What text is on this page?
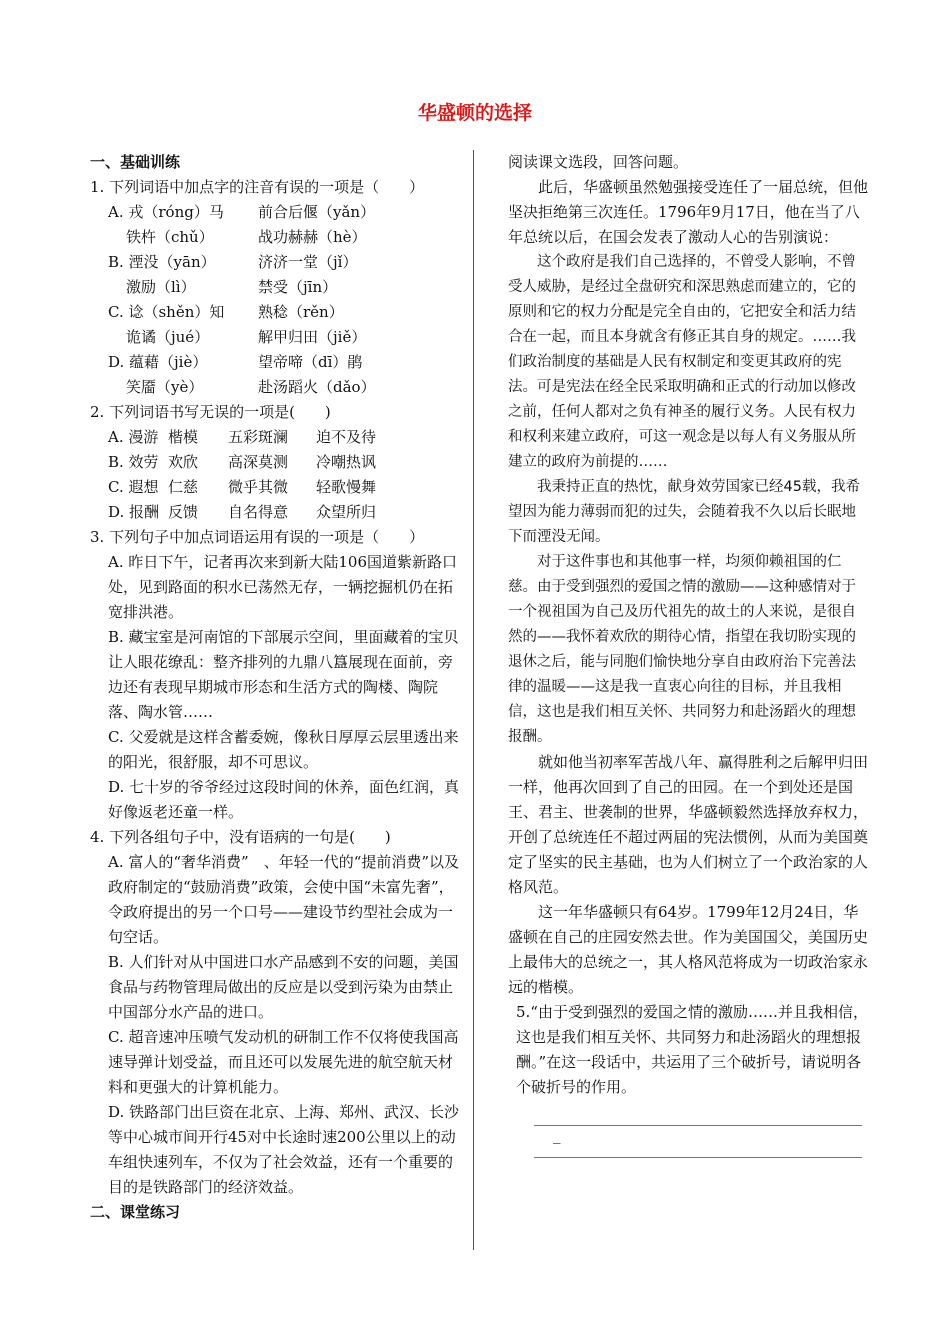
华盛顿的选择
一、基础训练
1. 下列词语中加点字的注音有误的一项是（　　）
A. 戎（róng）马 前合后偃（yǎn）
铁杵（chǔ）	战功赫赫（hè）
B. 湮没（yān）	济济一堂（jǐ）
激励（lì）	禁受（jīn）
C. 谂（shěn）知 熟稔（rěn）
诡谲（jué）	解甲归田（jiě）
D. 蕴藉（jiè）	望帝啼（dī）鹃
笑靥（yè）	赴汤蹈火（dǎo）
2. 下列词语书写无误的一项是(　　)
A. 漫游 楷模 五彩斑澜 迫不及待
B. 效劳 欢欣 高深莫测 冷嘲热讽
C. 遐想 仁慈 微乎其微 轻歌慢舞
D. 报酬 反馈 自名得意 众望所归
3. 下列句子中加点词语运用有误的一项是（　　）
A. 昨日下午，记者再次来到新大陆106国道紫新路口处，见到路面的积水已荡然无存，一辆挖掘机仍在拓宽排洪港。
B. 藏宝室是河南馆的下部展示空间，里面藏着的宝贝让人眼花缭乱：整齐排列的九鼎八簋展现在面前，旁边还有表现早期城市形态和生活方式的陶楼、陶院落、陶水管……
C. 父爱就是这样含蓄委婉，像秋日厚厚云层里透出来的阳光，很舒服，却不可思议。
D. 七十岁的爷爷经过这段时间的休养，面色红润，真好像返老还童一样。
4. 下列各组句子中，没有语病的一句是(　　)
A. 富人的“奢华消费”　、年轻一代的“提前消费”以及政府制定的“鼓励消费”政策，会使中国“未富先奢”，令政府提出的另一个口号——建设节约型社会成为一句空话。
B. 人们针对从中国进口水产品感到不安的问题，美国食品与药物管理局做出的反应是以受到污染为由禁止中国部分水产品的进口。
C. 超音速冲压喷气发动机的研制工作不仅将使我国高速导弹计划受益，而且还可以发展先进的航空航天材料和更强大的计算机能力。
D. 铁路部门出巨资在北京、上海、郑州、武汉、长沙等中心城市间开行45对中长途时速200公里以上的动车组快速列车，不仅为了社会效益，还有一个重要的目的是铁路部门的经济效益。
二、课堂练习
阅读课文选段，回答问题。
此后，华盛顿虽然勉强接受连任了一届总统，但他坚决拒绝第三次连任。1796年9月17日，他在当了八年总统以后，在国会发表了激动人心的告别演说：
这个政府是我们自己选择的，不曾受人影响，不曾受人威胁，是经过全盘研究和深思熟虑而建立的，它的原则和它的权力分配是完全自由的，它把安全和活力结合在一起，而且本身就含有修正其自身的规定。……我们政治制度的基础是人民有权制定和变更其政府的宪法。可是宪法在经全民采取明确和正式的行动加以修改之前，任何人都对之负有神圣的履行义务。人民有权力和权利来建立政府，可这一观念是以每人有义务服从所建立的政府为前提的……
我秉持正直的热忱，献身效劳国家已经45载，我希望因为能力薄弱而犯的过失，会随着我不久以后长眠地下而湮没无闻。
对于这件事也和其他事一样，均须仰赖祖国的仁慈。由于受到强烈的爱国之情的激励——这种感情对于一个视祖国为自己及历代祖先的故土的人来说，是很自然的——我怀着欢欣的期待心情，指望在我切盼实现的退休之后，能与同胞们愉快地分享自由政府治下完善法律的温暖——这是我一直衷心向往的目标，并且我相信，这也是我们相互关怀、共同努力和赴汤蹈火的理想报酬。
就如他当初率军苦战八年、赢得胜利之后解甲归田一样，他再次回到了自己的田园。在一个到处还是国王、君主、世袭制的世界，华盛顿毅然选择放弃权力，开创了总统连任不超过两届的宪法惯例，从而为美国奠定了坚实的民主基础，也为人们树立了一个政治家的人格风范。
这一年华盛顿只有64岁。1799年12月24日，华盛顿在自己的庄园安然去世。作为美国国父，美国历史上最伟大的总统之一，其人格风范将成为一切政治家永远的楷模。
5.“由于受到强烈的爱国之情的激励……并且我相信，这也是我们相互关怀、共同努力和赴汤蹈火的理想报酬。”在这一段话中，共运用了三个破折号，请说明各个破折号的作用。
_
